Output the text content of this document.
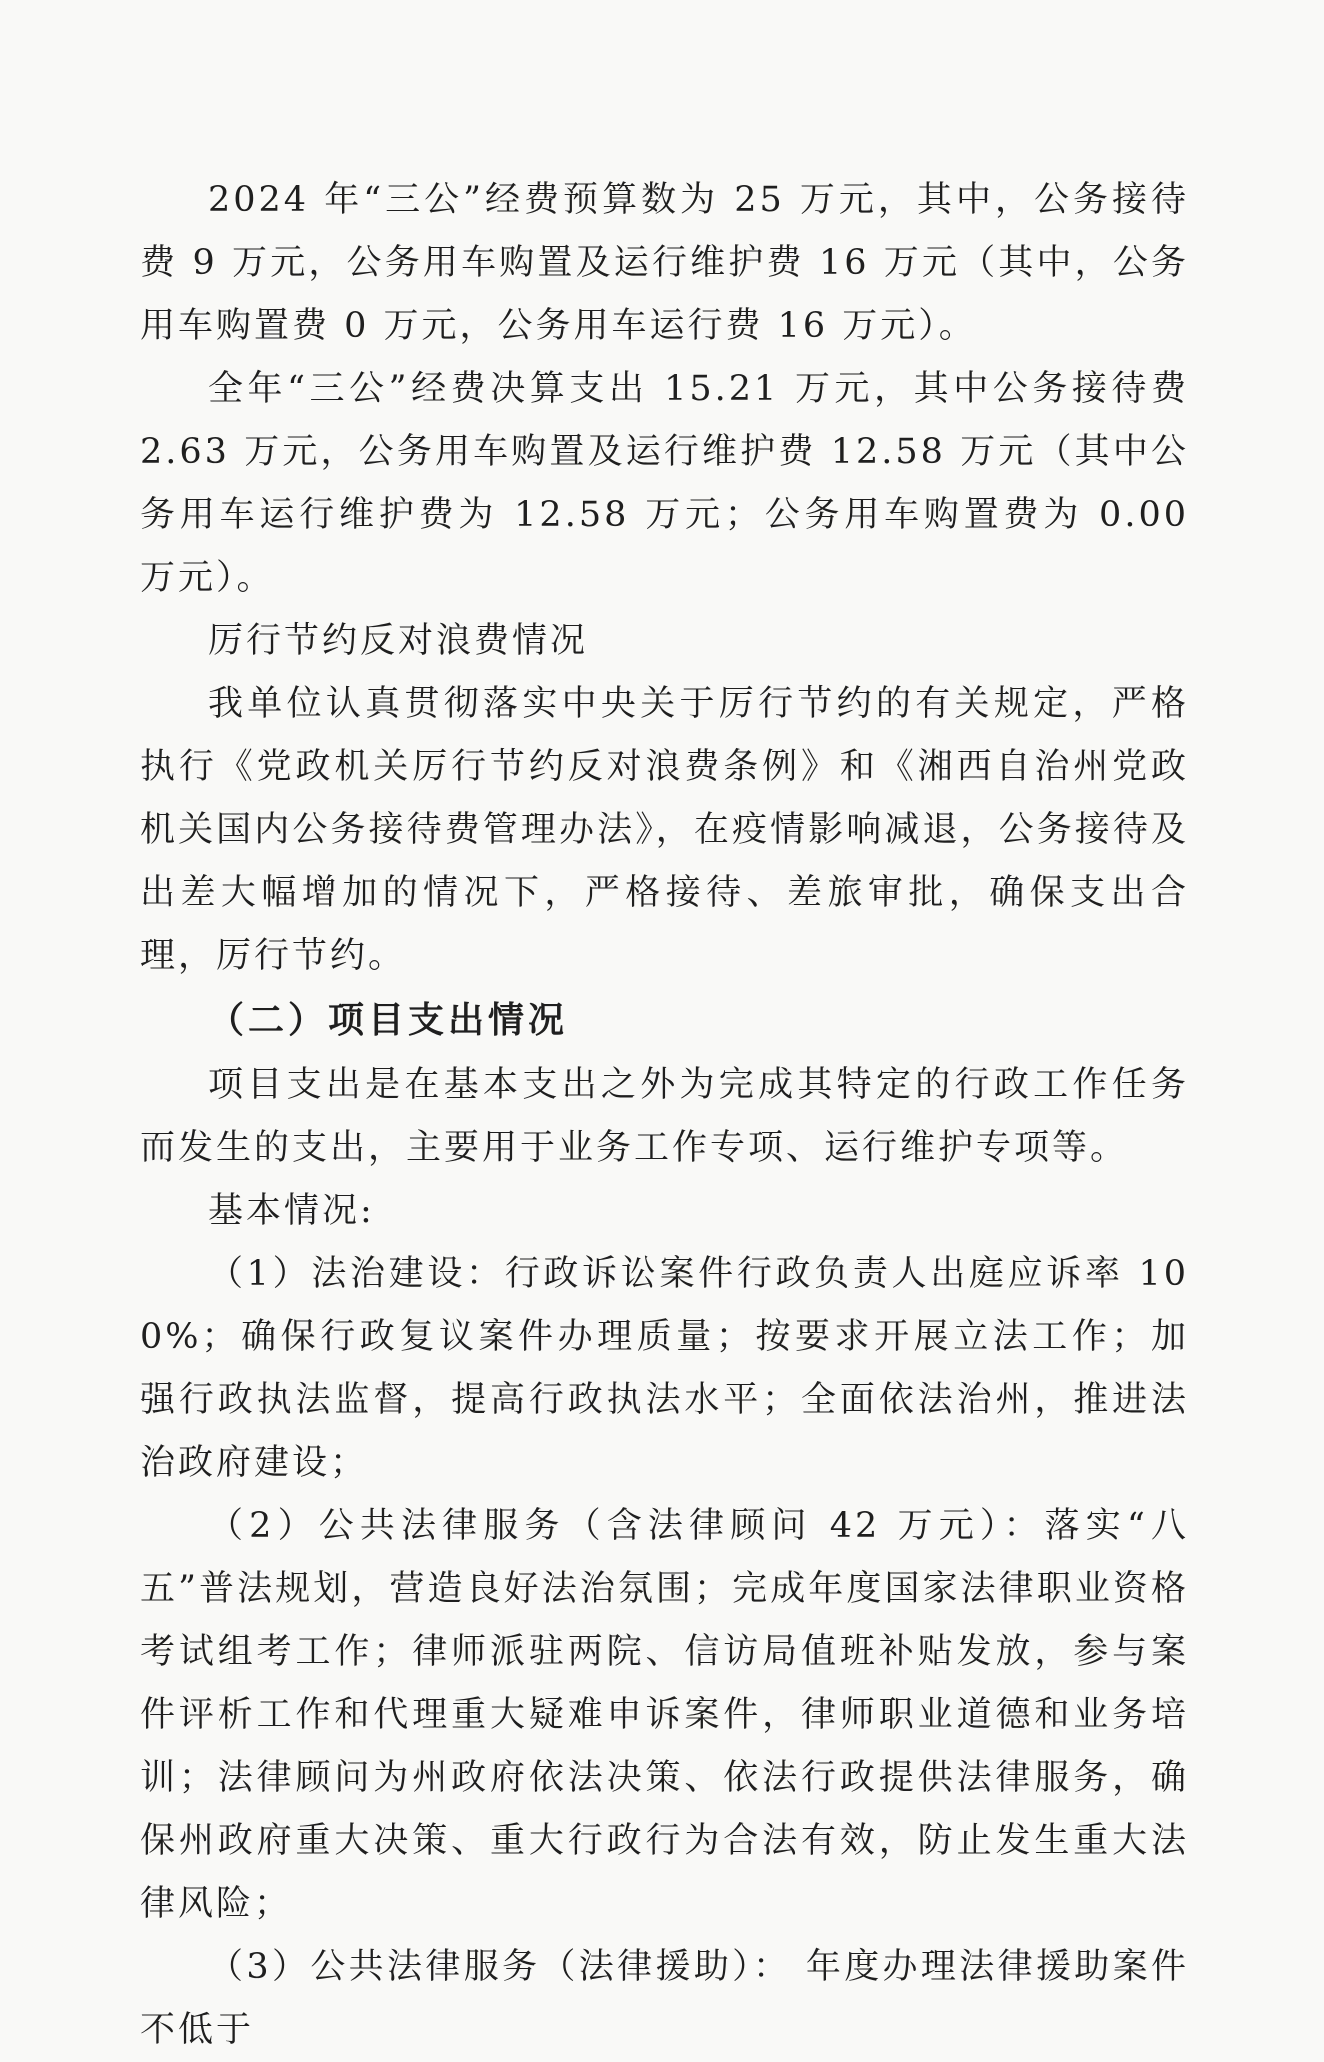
2024 年“三公”经费预算数为 25 万元，其中，公务接待费 9 万元，公务用车购置及运行维护费 16 万元（其中，公务用车购置费 0 万元，公务用车运行费 16 万元）。

全年“三公”经费决算支出 15.21 万元，其中公务接待费 2.63 万元，公务用车购置及运行维护费 12.58 万元（其中公务用车运行维护费为 12.58 万元；公务用车购置费为 0.00 万元）。

厉行节约反对浪费情况

我单位认真贯彻落实中央关于厉行节约的有关规定，严格执行《党政机关厉行节约反对浪费条例》和《湘西自治州党政机关国内公务接待费管理办法》，在疫情影响减退，公务接待及出差大幅增加的情况下，严格接待、差旅审批，确保支出合理，厉行节约。

（二）项目支出情况

项目支出是在基本支出之外为完成其特定的行政工作任务而发生的支出，主要用于业务工作专项、运行维护专项等。

基本情况:

（1）法治建设：行政诉讼案件行政负责人出庭应诉率 100%；确保行政复议案件办理质量；按要求开展立法工作；加强行政执法监督，提高行政执法水平；全面依法治州，推进法治政府建设；

（2）公共法律服务（含法律顾问 42 万元）：落实“八五”普法规划，营造良好法治氛围；完成年度国家法律职业资格考试组考工作；律师派驻两院、信访局值班补贴发放，参与案件评析工作和代理重大疑难申诉案件，律师职业道德和业务培训；法律顾问为州政府依法决策、依法行政提供法律服务，确保州政府重大决策、重大行政行为合法有效，防止发生重大法律风险；

（3）公共法律服务（法律援助）： 年度办理法律援助案件不低于
